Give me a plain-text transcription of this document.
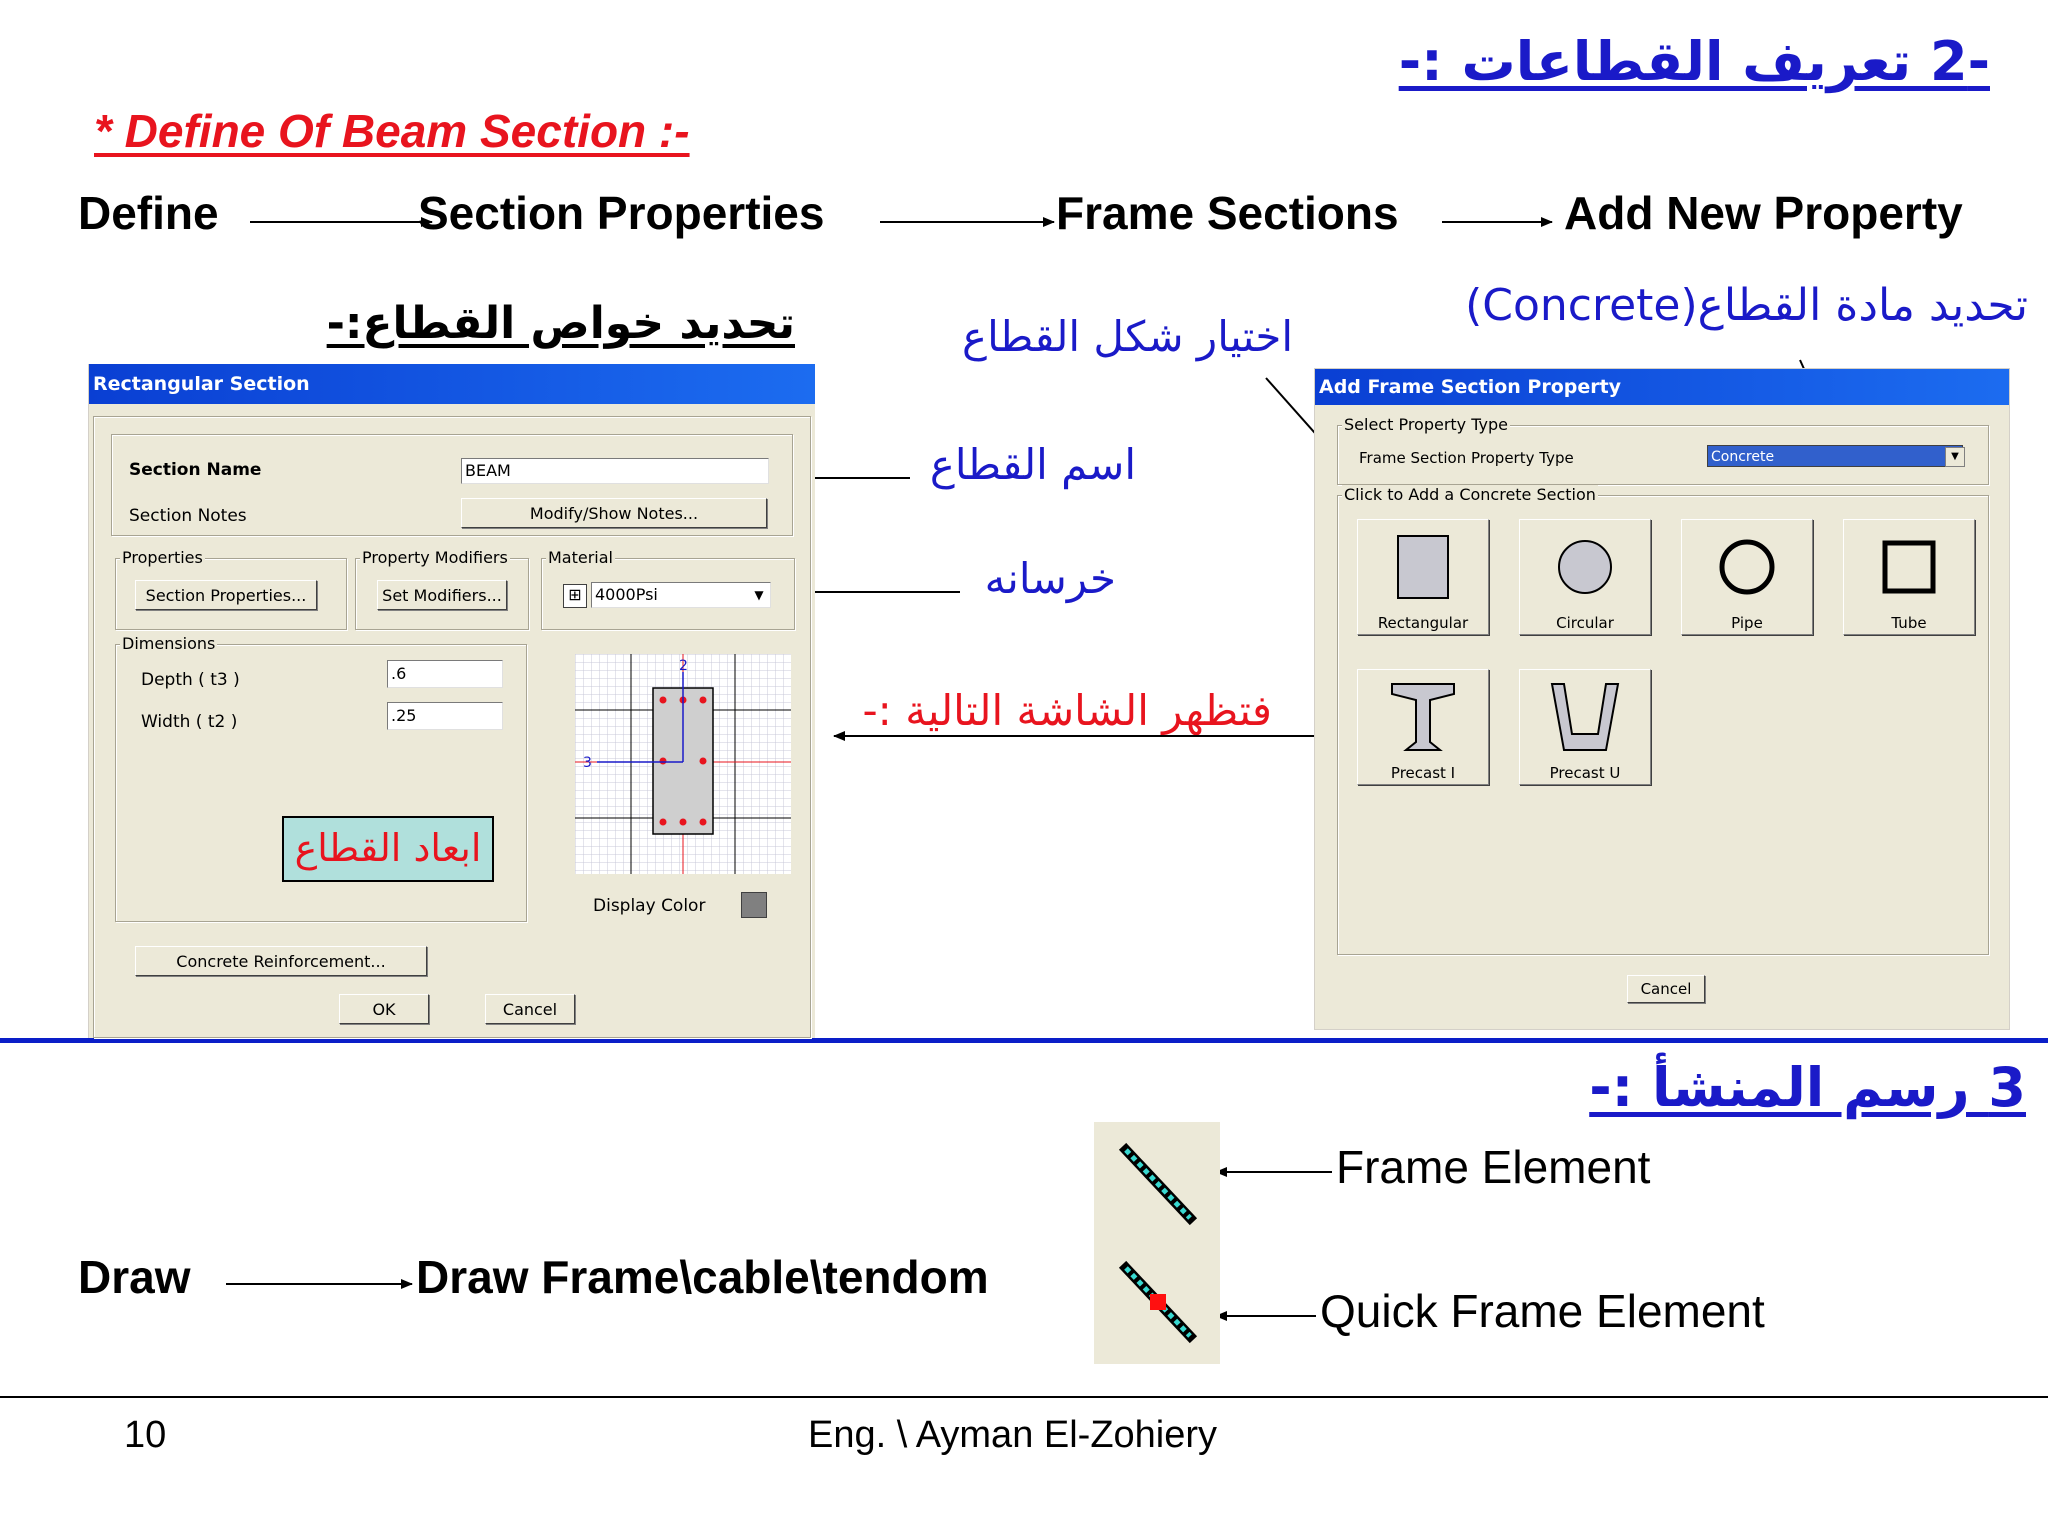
-2 تعريف القطاعات :-
* Define Of Beam Section :-
Define	Section Properties	Frame Sections	Add New Property
تحديد خواص القطاع:-	اختيار شكل القطاع
تحديد مادة القطاع(Concrete)
اسم القطاع
خرسانه
فتظهر الشاشة التالية :-
Rectangular Section
Section Name	BEAM
Section Notes	Modify/Show Notes...
Properties
Section Properties...
Property Modifiers
Set Modifiers...
Material
⊞ 4000Psi	▼
Dimensions
Depth ( t3 )	.6
Width ( t2 )	.25
ابعاد القطاع
2
3
Display Color
Concrete Reinforcement...
OK	Cancel
Add Frame Section Property
Select Property Type
Frame Section Property Type	Concrete	▼
Click to Add a Concrete Section
Rectangular	Circular	Pipe	Tube
Precast I	Precast U
Cancel
3 رسم المنشأ :-
Draw	Draw Frame\cable\tendom
Frame Element
Quick Frame Element
10	Eng. \ Ayman El-Zohiery
